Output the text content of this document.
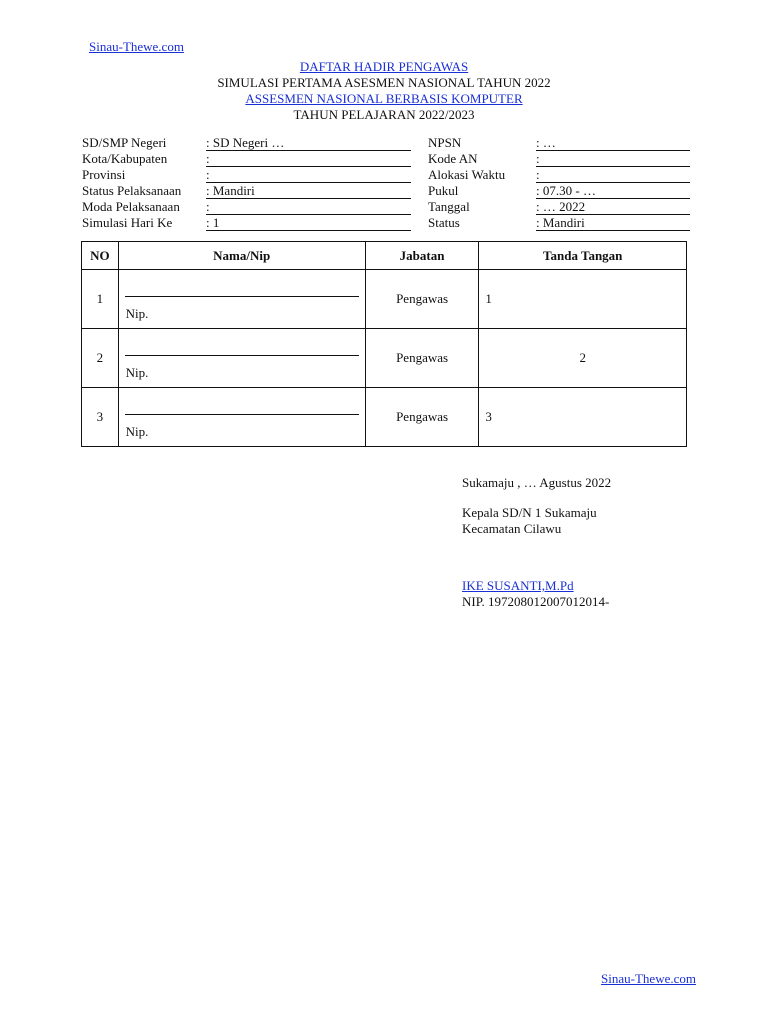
Sinau-Thewe.com
DAFTAR HADIR PENGAWAS
SIMULASI PERTAMA ASESMEN NASIONAL TAHUN 2022
ASSESMEN NASIONAL BERBASIS KOMPUTER
TAHUN PELAJARAN 2022/2023
SD/SMP Negeri	: SD Negeri …	NPSN	: …
Kota/Kabupaten	:	Kode AN	:
Provinsi	:	Alokasi Waktu :
Status Pelaksanaan : Mandiri	Pukul	: 07.30 - …
Moda Pelaksanaan :	Tanggal	: … 2022
Simulasi Hari Ke	: 1	Status	: Mandiri
NO	Nama/Nip	Jabatan	Tanda Tangan
1	Nip.	Pengawas	1
2	Nip.	Pengawas	2
3	Nip.	Pengawas	3
Sukamaju , … Agustus 2022
Kepala SD/N 1 Sukamaju
Kecamatan Cilawu
IKE SUSANTI,M.Pd
NIP. 197208012007012014-
Sinau-Thewe.com
